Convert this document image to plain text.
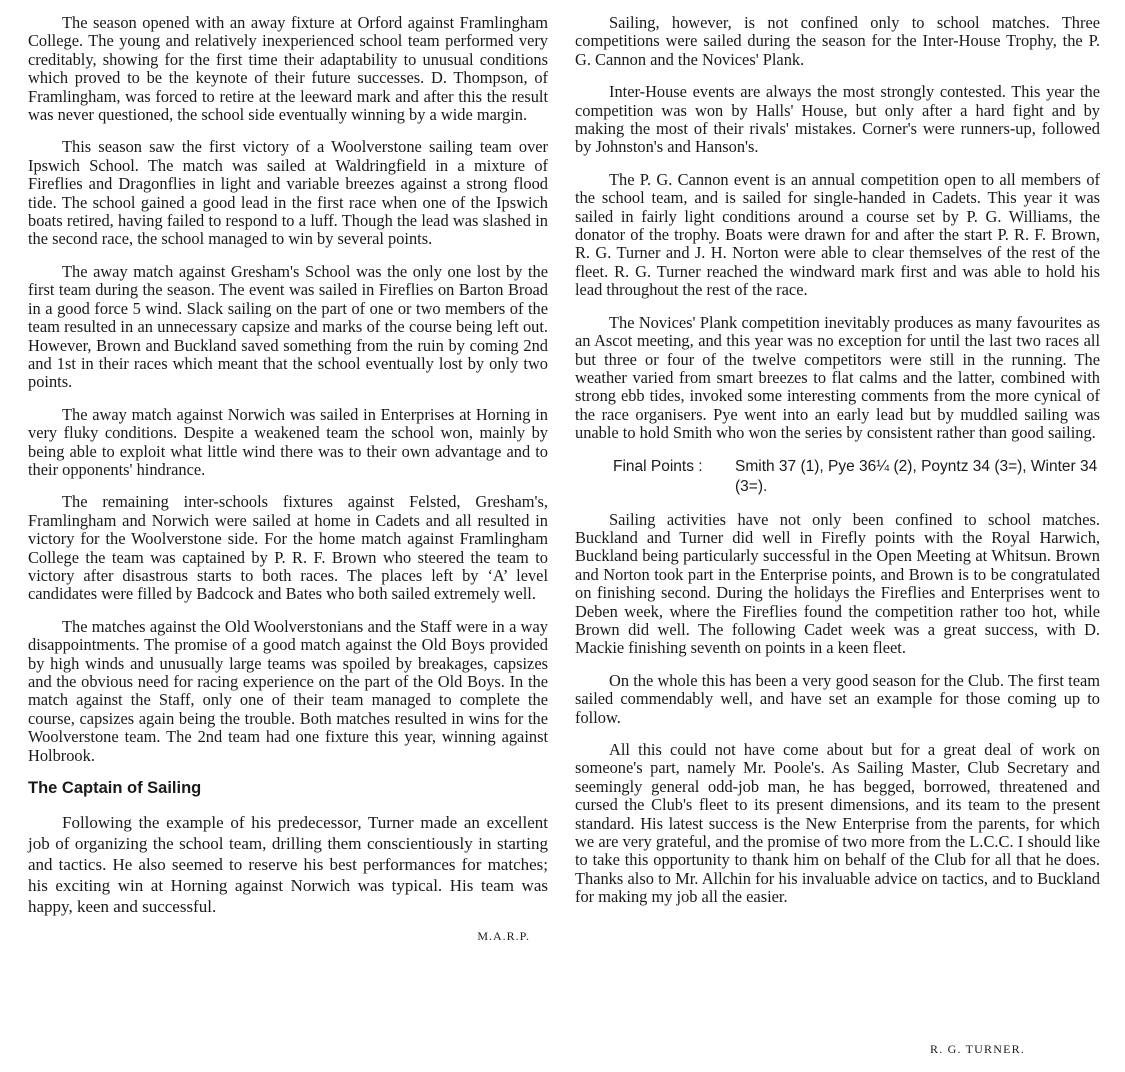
The season opened with an away fixture at Orford against Framlingham College. The young and relatively inexperienced school team performed very creditably, showing for the first time their adaptability to unusual conditions which proved to be the keynote of their future successes. D. Thompson, of Framlingham, was forced to retire at the leeward mark and after this the result was never questioned, the school side eventually winning by a wide margin.

This season saw the first victory of a Woolverstone sailing team over Ipswich School. The match was sailed at Waldringfield in a mixture of Fireflies and Dragonflies in light and variable breezes against a strong flood tide. The school gained a good lead in the first race when one of the Ipswich boats retired, having failed to respond to a luff. Though the lead was slashed in the second race, the school managed to win by several points.

The away match against Gresham's School was the only one lost by the first team during the season. The event was sailed in Fireflies on Barton Broad in a good force 5 wind. Slack sailing on the part of one or two members of the team resulted in an unnecessary capsize and marks of the course being left out. However, Brown and Buckland saved something from the ruin by coming 2nd and 1st in their races which meant that the school eventually lost by only two points.

The away match against Norwich was sailed in Enterprises at Horning in very fluky conditions. Despite a weakened team the school won, mainly by being able to exploit what little wind there was to their own advantage and to their opponents' hindrance.

The remaining inter-schools fixtures against Felsted, Gresham's, Framlingham and Norwich were sailed at home in Cadets and all resulted in victory for the Woolverstone side. For the home match against Framlingham College the team was captained by P. R. F. Brown who steered the team to victory after disastrous starts to both races. The places left by ‘A’ level candidates were filled by Badcock and Bates who both sailed extremely well.

The matches against the Old Woolverstonians and the Staff were in a way disappointments. The promise of a good match against the Old Boys provided by high winds and unusually large teams was spoiled by breakages, capsizes and the obvious need for racing experience on the part of the Old Boys. In the match against the Staff, only one of their team managed to complete the course, capsizes again being the trouble. Both matches resulted in wins for the Woolverstone team. The 2nd team had one fixture this year, winning against Holbrook.

The Captain of Sailing

Following the example of his predecessor, Turner made an excellent job of organizing the school team, drilling them conscientiously in starting and tactics. He also seemed to reserve his best performances for matches; his exciting win at Horning against Norwich was typical. His team was happy, keen and successful.

M.A.R.P.

Sailing, however, is not confined only to school matches. Three competitions were sailed during the season for the Inter-House Trophy, the P. G. Cannon and the Novices' Plank.

Inter-House events are always the most strongly contested. This year the competition was won by Halls' House, but only after a hard fight and by making the most of their rivals' mistakes. Corner's were runners-up, followed by Johnston's and Hanson's.

The P. G. Cannon event is an annual competition open to all members of the school team, and is sailed for single-handed in Cadets. This year it was sailed in fairly light conditions around a course set by P. G. Williams, the donator of the trophy. Boats were drawn for and after the start P. R. F. Brown, R. G. Turner and J. H. Norton were able to clear themselves of the rest of the fleet. R. G. Turner reached the windward mark first and was able to hold his lead throughout the rest of the race.

The Novices' Plank competition inevitably produces as many favourites as an Ascot meeting, and this year was no exception for until the last two races all but three or four of the twelve competitors were still in the running. The weather varied from smart breezes to flat calms and the latter, combined with strong ebb tides, invoked some interesting comments from the more cynical of the race organisers. Pye went into an early lead but by muddled sailing was unable to hold Smith who won the series by consistent rather than good sailing.

Final Points :	Smith 37 (1), Pye 36¼ (2), Poyntz 34 (3=), Winter 34 (3=).

Sailing activities have not only been confined to school matches. Buckland and Turner did well in Firefly points with the Royal Harwich, Buckland being particularly successful in the Open Meeting at Whitsun. Brown and Norton took part in the Enterprise points, and Brown is to be congratulated on finishing second. During the holidays the Fireflies and Enterprises went to Deben week, where the Fireflies found the competition rather too hot, while Brown did well. The following Cadet week was a great success, with D. Mackie finishing seventh on points in a keen fleet.

On the whole this has been a very good season for the Club. The first team sailed commendably well, and have set an example for those coming up to follow.

All this could not have come about but for a great deal of work on someone's part, namely Mr. Poole's. As Sailing Master, Club Secretary and seemingly general odd-job man, he has begged, borrowed, threatened and cursed the Club's fleet to its present dimensions, and its team to the present standard. His latest success is the New Enterprise from the parents, for which we are very grateful, and the promise of two more from the L.C.C. I should like to take this opportunity to thank him on behalf of the Club for all that he does. Thanks also to Mr. Allchin for his invaluable advice on tactics, and to Buckland for making my job all the easier.

R. G. TURNER.
